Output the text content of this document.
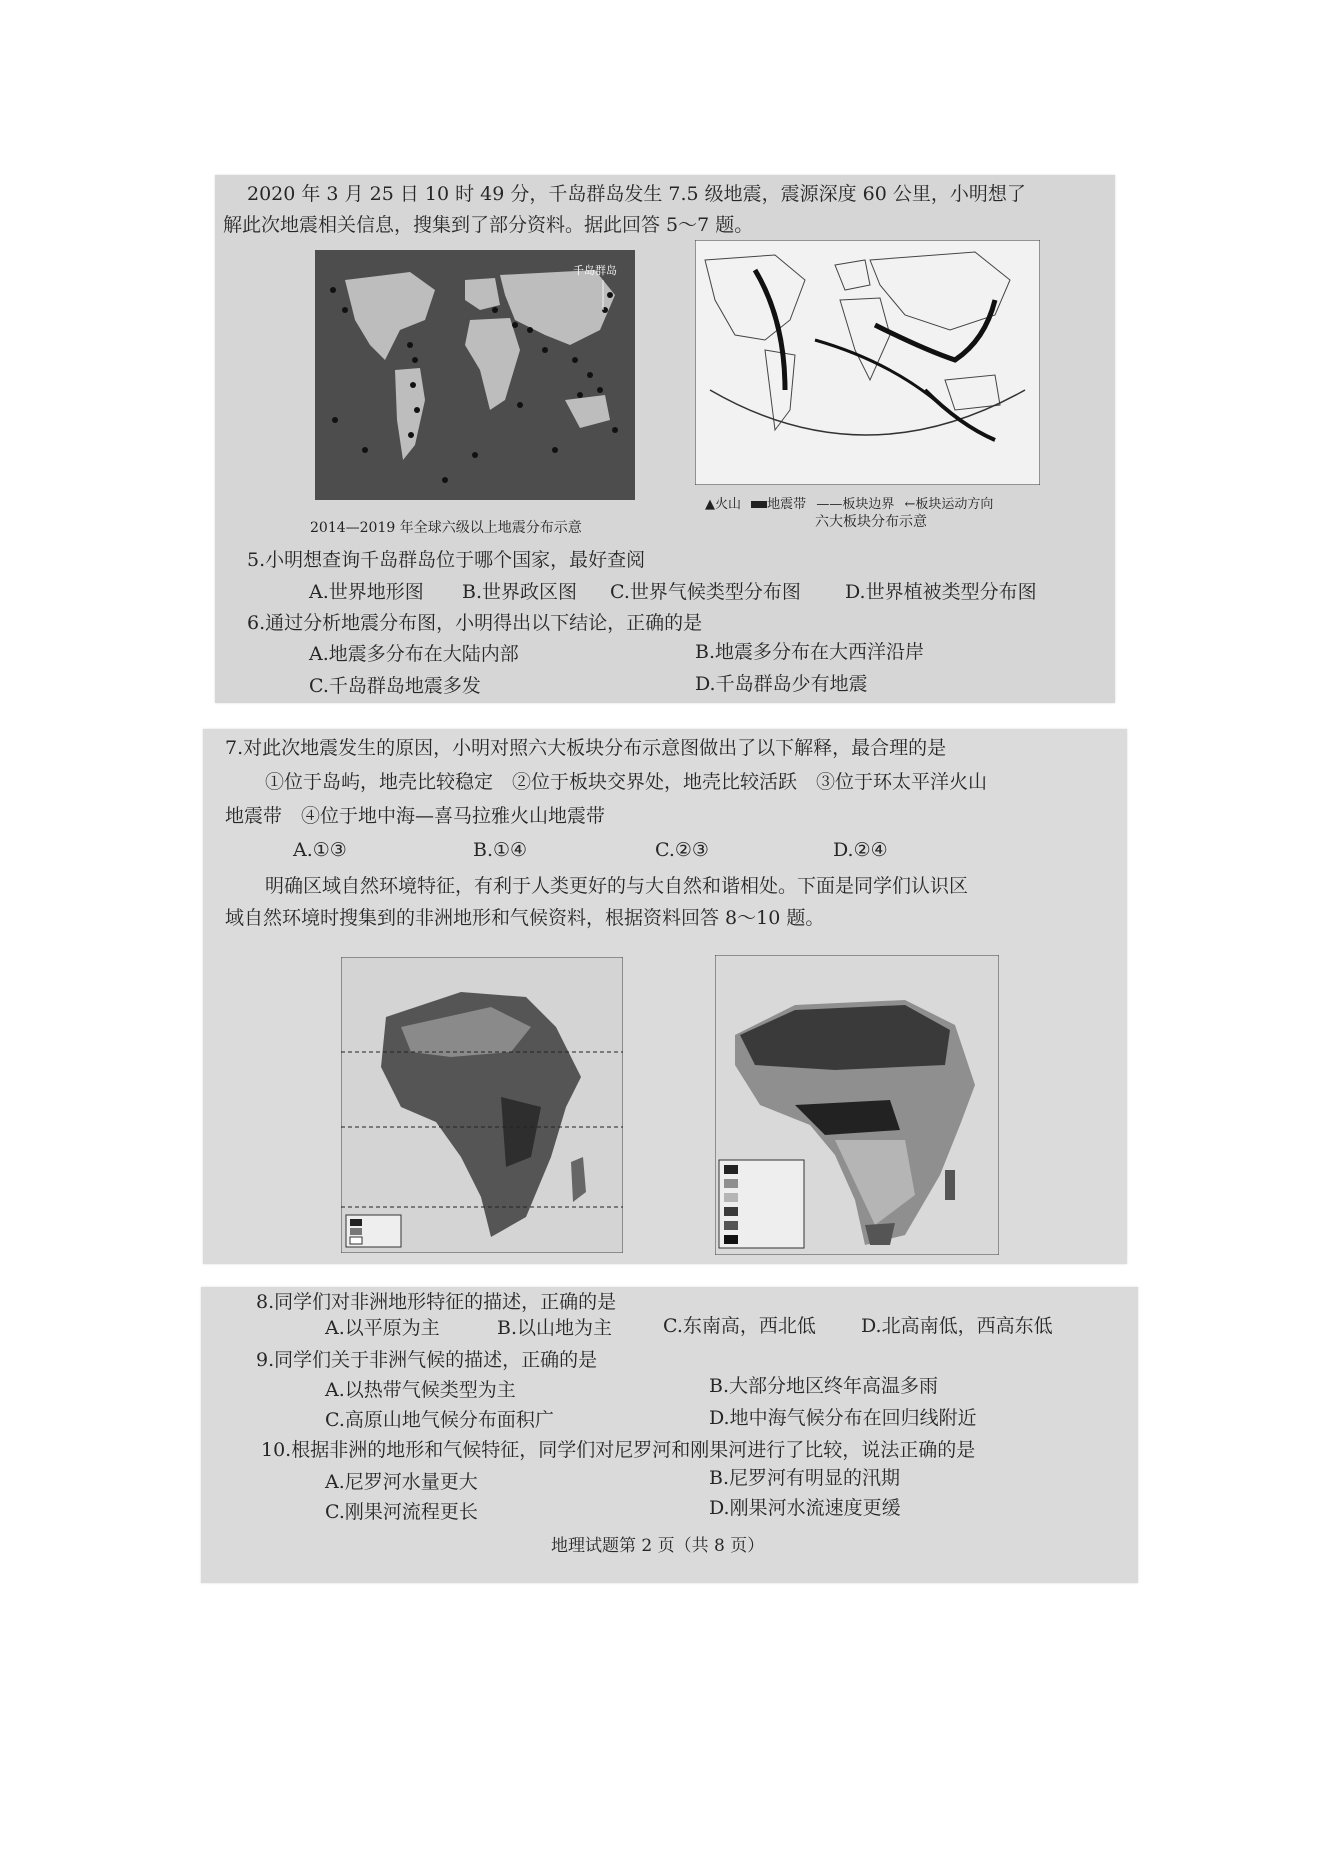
2020 年 3 月 25 日 10 时 49 分，千岛群岛发生 7.5 级地震，震源深度 60 公里，小明想了
解此次地震相关信息，搜集到了部分资料。据此回答 5～7 题。
千岛群岛
▲火山 地震带 ——板块边界 ←板块运动方向
2014—2019 年全球六级以上地震分布示意	六大板块分布示意
5.小明想查询千岛群岛位于哪个国家，最好查阅
A.世界地形图 B.世界政区图 C.世界气候类型分布图 D.世界植被类型分布图
6.通过分析地震分布图，小明得出以下结论，正确的是
A.地震多分布在大陆内部	B.地震多分布在大西洋沿岸
C.千岛群岛地震多发	D.千岛群岛少有地震
7.对此次地震发生的原因，小明对照六大板块分布示意图做出了以下解释，最合理的是
①位于岛屿，地壳比较稳定　②位于板块交界处，地壳比较活跃　③位于环太平洋火山
地震带　④位于地中海—喜马拉雅火山地震带
A.①③	B.①④	C.②③	D.②④
明确区域自然环境特征，有利于人类更好的与大自然和谐相处。下面是同学们认识区
域自然环境时搜集到的非洲地形和气候资料，根据资料回答 8～10 题。
8.同学们对非洲地形特征的描述，正确的是
A.以平原为主	B.以山地为主	C.东南高，西北低 D.北高南低，西高东低
9.同学们关于非洲气候的描述，正确的是
A.以热带气候类型为主	B.大部分地区终年高温多雨
C.高原山地气候分布面积广	D.地中海气候分布在回归线附近
10.根据非洲的地形和气候特征，同学们对尼罗河和刚果河进行了比较，说法正确的是
A.尼罗河水量更大	B.尼罗河有明显的汛期
C.刚果河流程更长	D.刚果河水流速度更缓
地理试题第 2 页（共 8 页）
